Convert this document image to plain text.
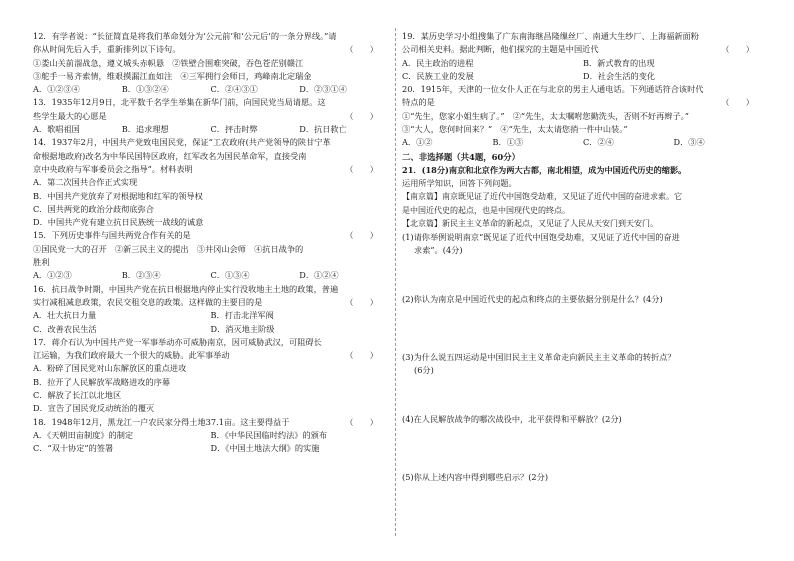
12．有学者说：“长征简直是将我们革命划分为‘公元前’和‘公元后’的一条分界线。”请
你从时间先后入手，重新排列以下诗句。	（　　）
①娄山关前溜战急，遵义城头赤帜悬　②铁壁合围难突破，吞色苍茫别赣江
③舵手一易齐索情，维艰摸漏江血如注　④三军拥行会师日，鸡峰南北定瑞金
A．①②③④	B．①③②④	C．②④③①	D．②③①④
13．1935年12月9日，北平数千名学生举集在新华门前，向国民党当局请愿。这
些学生最大的心愿是	（　　）
A．歌唱祖国	B．追求理想	C．抨击时弊	D．抗日救亡
14．1937年2月，中国共产党致电国民党，保证“工农政府(共产党领导的陕甘宁革
命根据地政府)改名为中华民国特区政府，红军改名为国民革命军，直接受南
京中央政府与军事委员会之指导”。材料表明	（　　）
A．第二次国共合作正式实现
B．中国共产党放弃了对根据地和红军的领导权
C．国共两党的政治分歧彻底弥合
D．中国共产党有建立抗日民族统一战线的诚意
15．下列历史事件与国共两党合作有关的是	（　　）
①国民党一大的召开　②新三民主义的提出　③井冈山会师　④抗日战争的
胜利
A．①②③	B．②③④	C．①③④	D．①②④
16．抗日战争时期，中国共产党在抗日根据地内停止实行没收地主土地的政策，普遍
实行减租减息政策，农民交租交息的政策。这样做的主要目的是	（　　）
A．壮大抗日力量	B．打击北洋军阀
C．改善农民生活	D．消灭地主阶级
17．蒋介石认为中国共产党一军事举动亦可威胁南京，因可威胁武汉，可阻碍长
江运输，为我们政府最大一个很大的威胁。此军事举动	（　　）
A．粉碎了国民党对山东解放区的重点进攻
B．拉开了人民解放军战略进攻的序幕
C．解放了长江以北地区
D．宣告了国民党反动统治的覆灭
18．1948年12月，黑龙江一户农民家分得土地37.1亩。这主要得益于	（　　）
A．《天朝田亩制度》的制定	B．《中华民国临时约法》的颁布
C．“双十协定”的签署	D．《中国土地法大纲》的实施
19．某历史学习小组搜集了广东南海继昌隆缫丝厂、南通大生纱厂、上海福新面粉
公司相关史料。据此判断，他们探究的主题是中国近代	（　　）
A．民主政治的进程	B．新式教育的出现
C．民族工业的发展	D．社会生活的变化
20．1915年，天津的一位女仆人正在与北京的男主人通电话。下列通话符合该时代
特点的是	（　　）
①“先生，您家小姐生病了。”　②“先生，太太嘱咐您勤洗头，否则不好再辫子。”
③“大人，您何时回来？”　④“先生，太太请您捎一件中山装。”
A．①②	B．①③	C．②④	D．③④
二、非选择题（共4题，60分）
21．(18分)南京和北京作为两大古都，南北相望，成为中国近代历史的缩影。
运用所学知识，回答下列问题。
【南京篇】南京既见证了近代中国饱受劫难，又见证了近代中国的奋进求索。它
是中国近代史的起点，也是中国现代史的终点。
【北京篇】新民主主义革命的新起点，又见证了人民从天安门到天安门。
(1)请你举例说明南京“既见证了近代中国饱受劫难，又见证了近代中国的奋进
求索”。(4分)
(2)你认为南京是中国近代史的起点和终点的主要依据分别是什么？(4分)
(3)为什么说五四运动是中国旧民主主义革命走向新民主主义革命的转折点？
(6分)
(4)在人民解放战争的哪次战役中，北平获得和平解放？(2分)
(5)你从上述内容中得到哪些启示？(2分)
